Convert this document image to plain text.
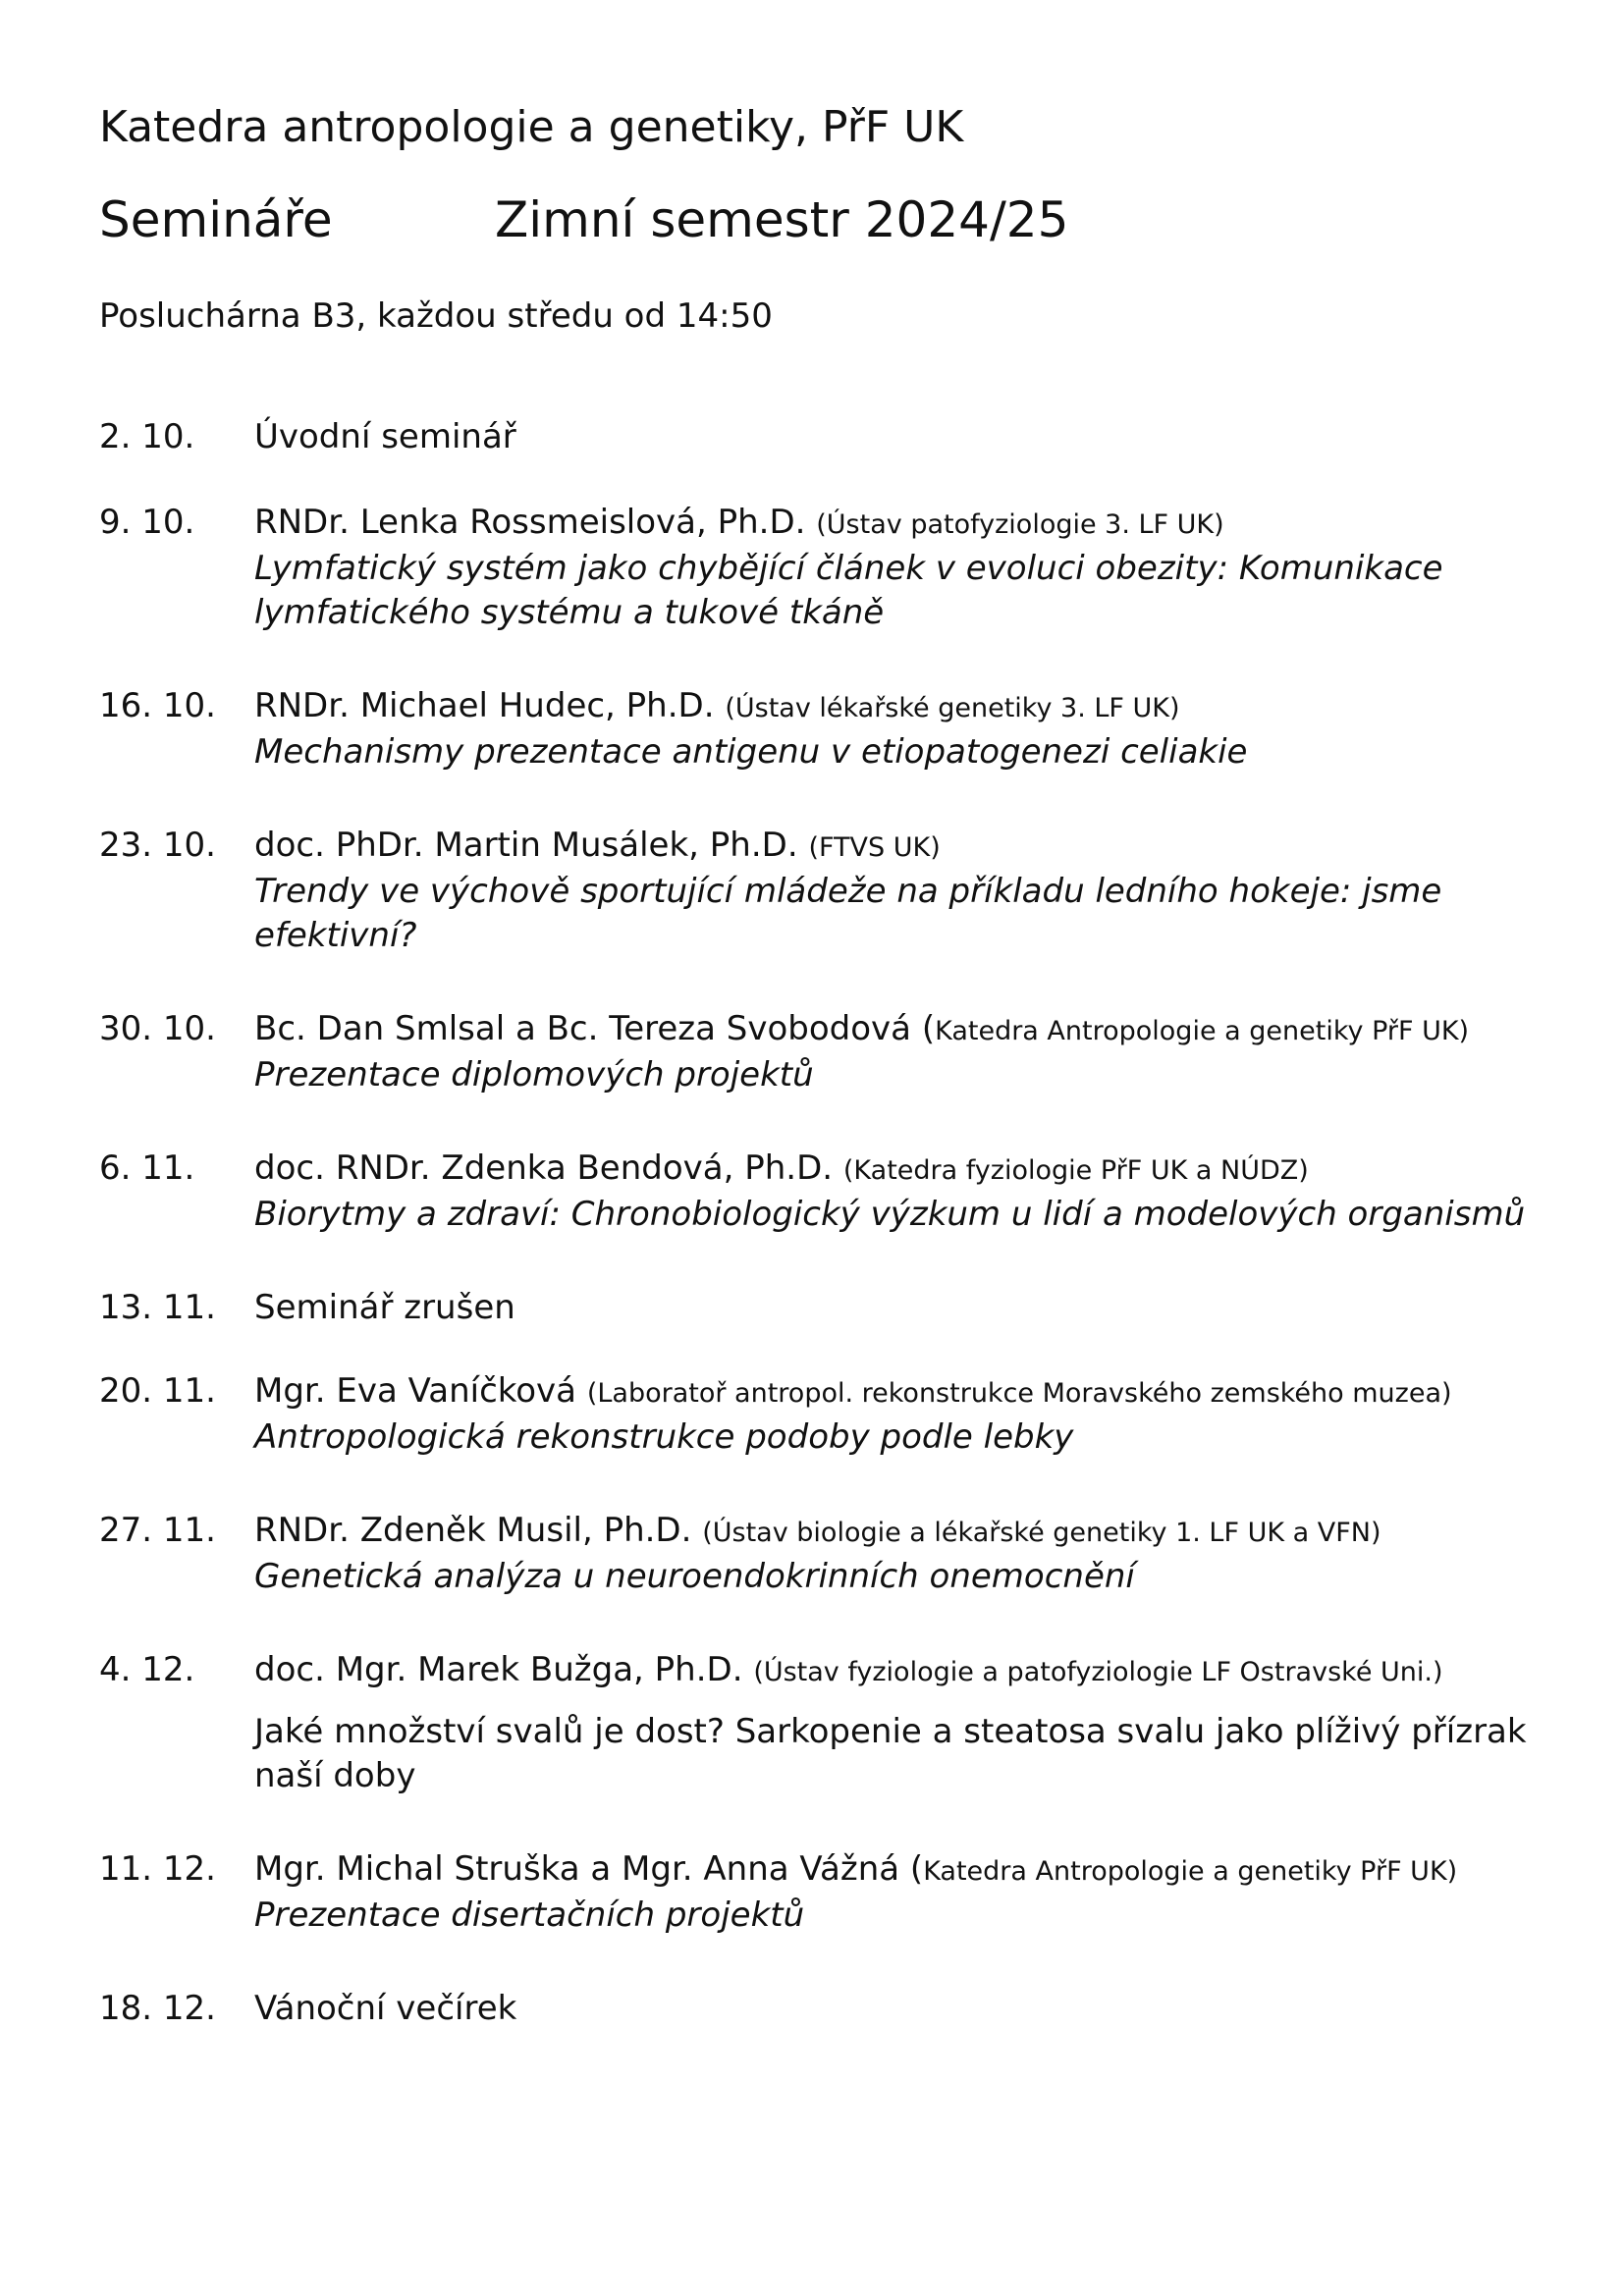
Katedra antropologie a genetiky, PřF UK
Semináře	Zimní semestr 2024/25
Posluchárna B3, každou středu od 14:50
2. 10. Úvodní seminář
9. 10. RNDr. Lenka Rossmeislová, Ph.D. (Ústav patofyziologie 3. LF UK)
Lymfatický systém jako chybějící článek v evoluci obezity: Komunikace lymfatického systému a tukové tkáně
16. 10. RNDr. Michael Hudec, Ph.D. (Ústav lékařské genetiky 3. LF UK)
Mechanismy prezentace antigenu v etiopatogenezi celiakie
23. 10. doc. PhDr. Martin Musálek, Ph.D. (FTVS UK)
Trendy ve výchově sportující mládeže na příkladu ledního hokeje: jsme efektivní?
30. 10. Bc. Dan Smlsal a Bc. Tereza Svobodová (Katedra Antropologie a genetiky PřF UK)
Prezentace diplomových projektů
6. 11. doc. RNDr. Zdenka Bendová, Ph.D. (Katedra fyziologie PřF UK a NÚDZ)
Biorytmy a zdraví: Chronobiologický výzkum u lidí a modelových organismů
13. 11. Seminář zrušen
20. 11. Mgr. Eva Vaníčková (Laboratoř antropol. rekonstrukce Moravského zemského muzea)
Antropologická rekonstrukce podoby podle lebky
27. 11. RNDr. Zdeněk Musil, Ph.D. (Ústav biologie a lékařské genetiky 1. LF UK a VFN)
Genetická analýza u neuroendokrinních onemocnění
4. 12. doc. Mgr. Marek Bužga, Ph.D. (Ústav fyziologie a patofyziologie LF Ostravské Uni.)
Jaké množství svalů je dost? Sarkopenie a steatosa svalu jako plíživý přízrak naší doby
11. 12. Mgr. Michal Struška a Mgr. Anna Vážná (Katedra Antropologie a genetiky PřF UK)
Prezentace disertačních projektů
18. 12. Vánoční večírek
